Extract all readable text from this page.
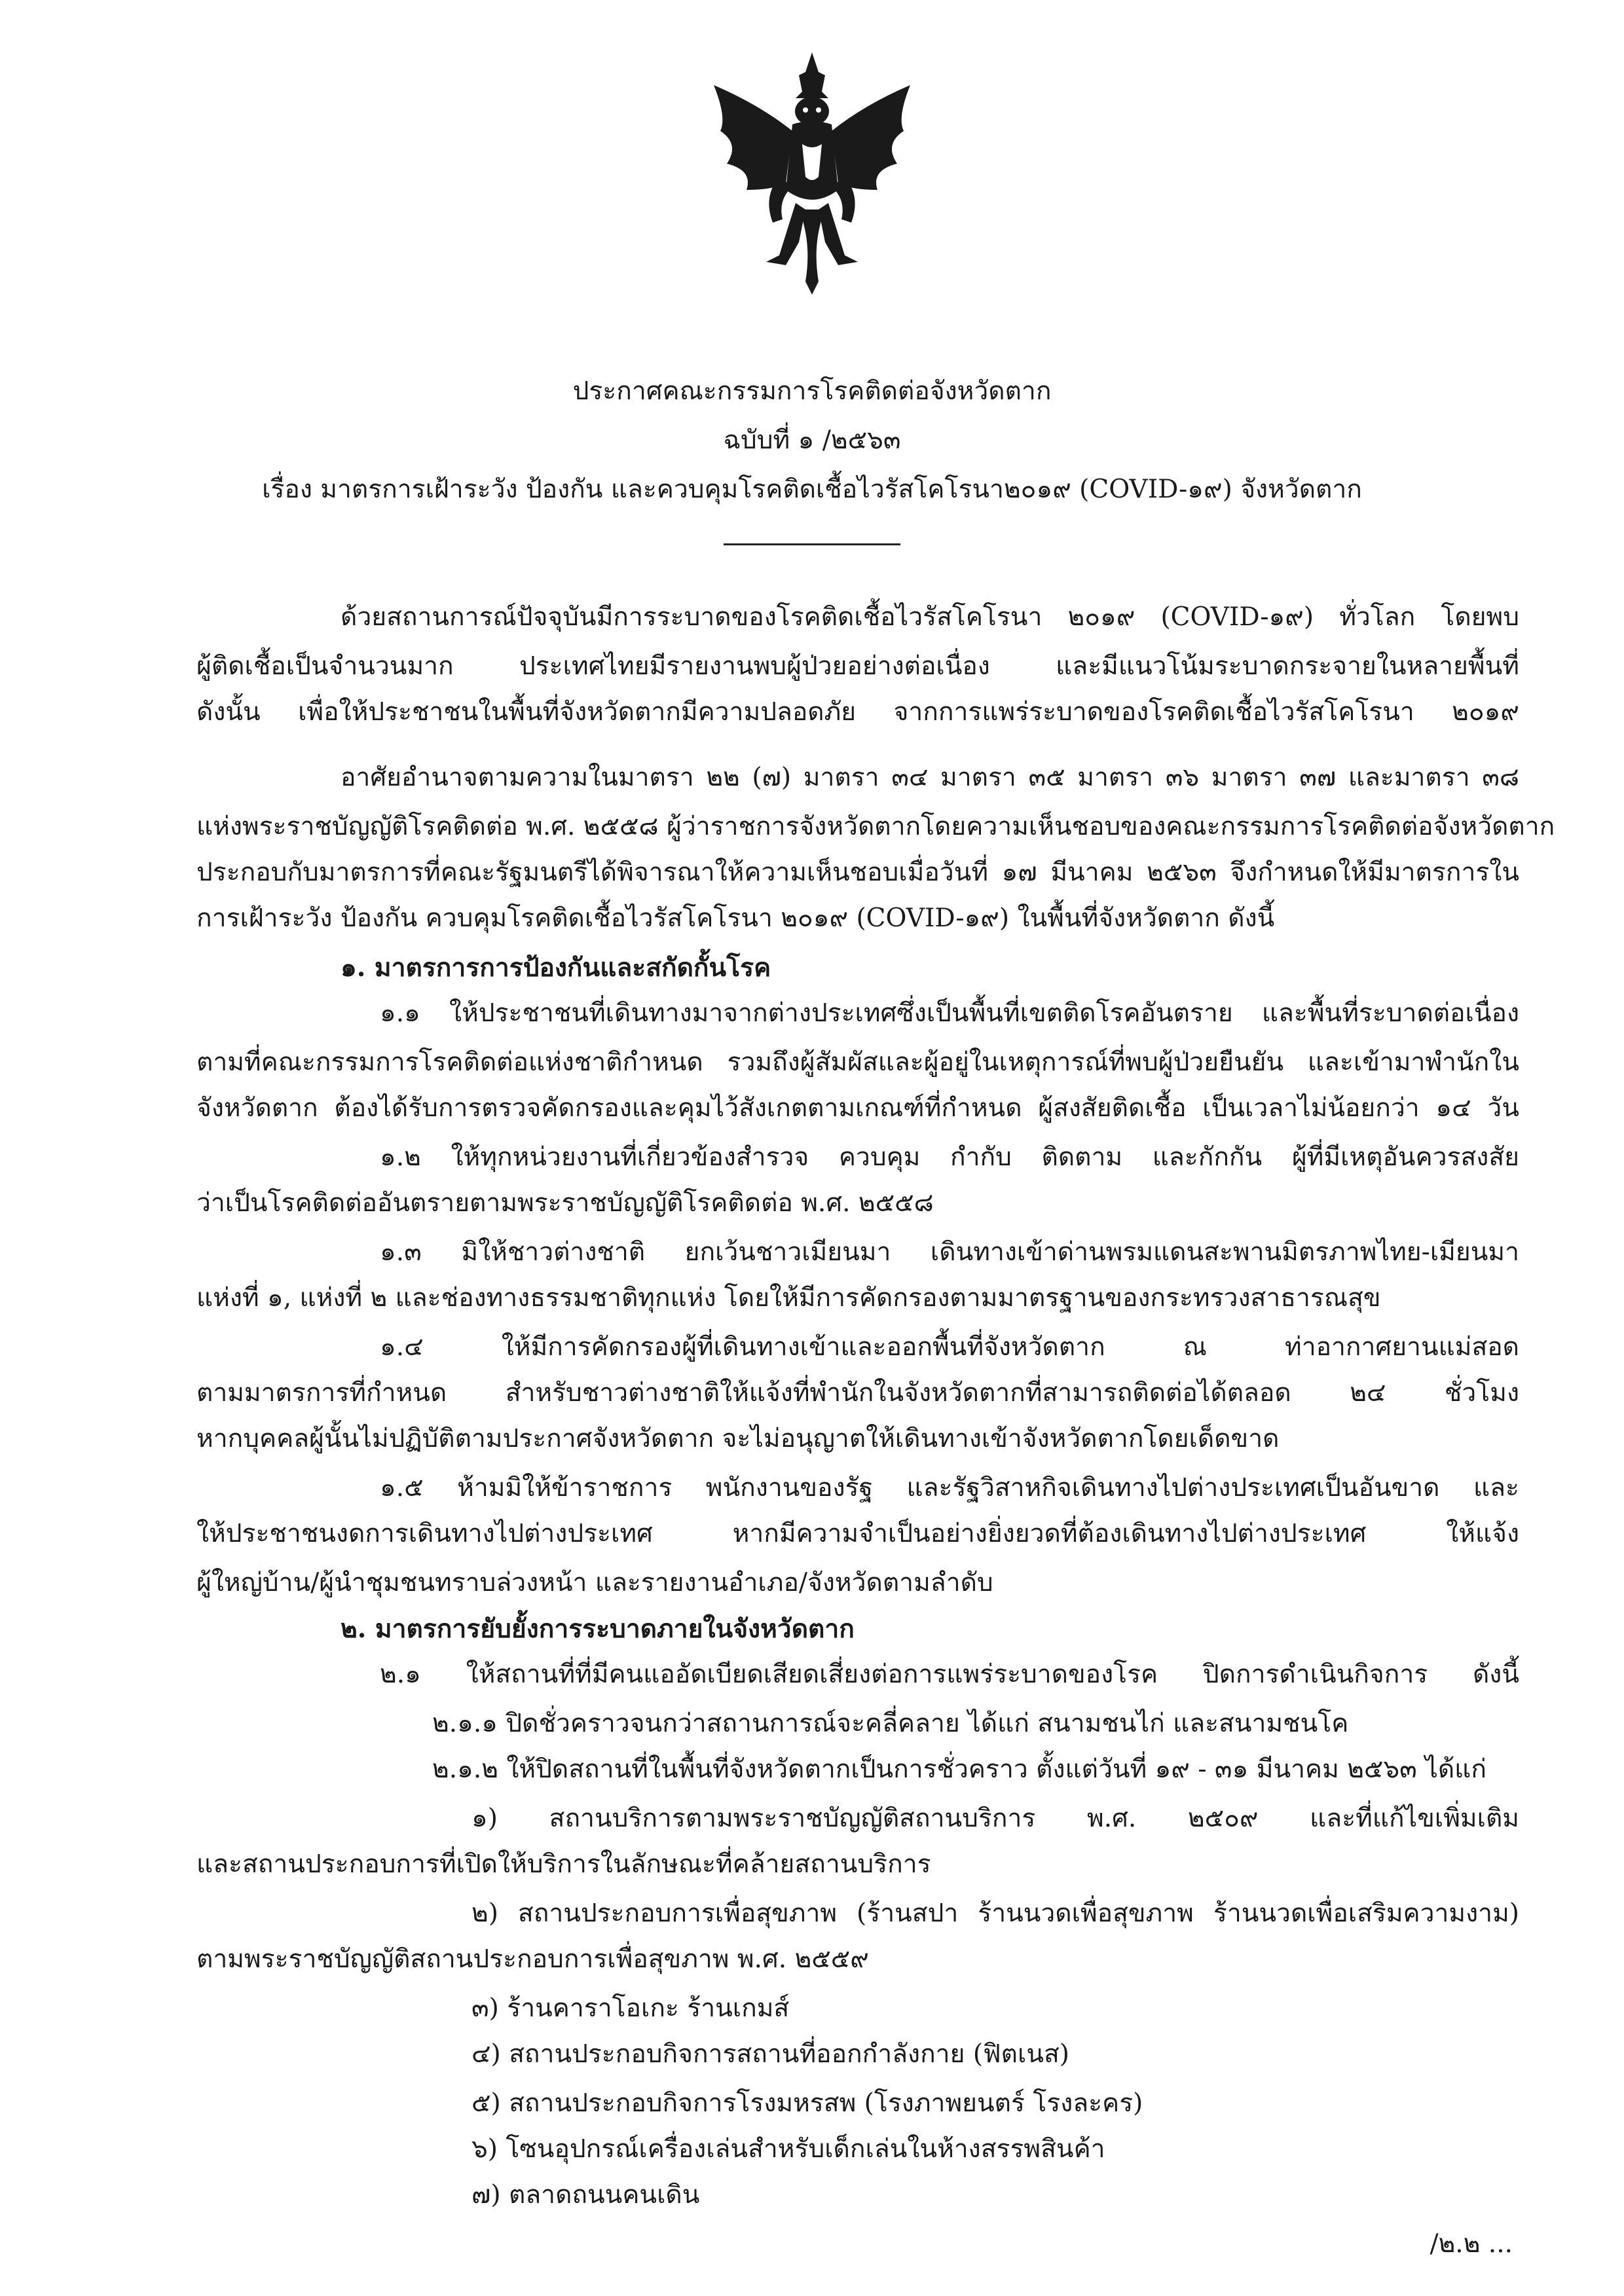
ประกาศคณะกรรมการโรคติดต่อจังหวัดตาก
ฉบับที่ ๑ /๒๕๖๓
เรื่อง มาตรการเฝ้าระวัง ป้องกัน และควบคุมโรคติดเชื้อไวรัสโคโรนา๒๐๑๙ (COVID-๑๙) จังหวัดตาก
ด้วยสถานการณ์ปัจจุบันมีการระบาดของโรคติดเชื้อไวรัสโคโรนา ๒๐๑๙ (COVID-๑๙) ทั่วโลก โดยพบ
ผู้ติดเชื้อเป็นจำนวนมาก ประเทศไทยมีรายงานพบผู้ป่วยอย่างต่อเนื่อง และมีแนวโน้มระบาดกระจายในหลายพื้นที่
ดังนั้น เพื่อให้ประชาชนในพื้นที่จังหวัดตากมีความปลอดภัย จากการแพร่ระบาดของโรคติดเชื้อไวรัสโคโรนา ๒๐๑๙
อาศัยอำนาจตามความในมาตรา ๒๒ (๗) มาตรา ๓๔ มาตรา ๓๕ มาตรา ๓๖ มาตรา ๓๗ และมาตรา ๓๘
แห่งพระราชบัญญัติโรคติดต่อ พ.ศ. ๒๕๕๘ ผู้ว่าราชการจังหวัดตากโดยความเห็นชอบของคณะกรรมการโรคติดต่อจังหวัดตาก
ประกอบกับมาตรการที่คณะรัฐมนตรีได้พิจารณาให้ความเห็นชอบเมื่อวันที่ ๑๗ มีนาคม ๒๕๖๓ จึงกำหนดให้มีมาตรการใน
การเฝ้าระวัง ป้องกัน ควบคุมโรคติดเชื้อไวรัสโคโรนา ๒๐๑๙ (COVID-๑๙) ในพื้นที่จังหวัดตาก ดังนี้
๑. มาตรการการป้องกันและสกัดกั้นโรค
๑.๑ ให้ประชาชนที่เดินทางมาจากต่างประเทศซึ่งเป็นพื้นที่เขตติดโรคอันตราย และพื้นที่ระบาดต่อเนื่อง
ตามที่คณะกรรมการโรคติดต่อแห่งชาติกำหนด รวมถึงผู้สัมผัสและผู้อยู่ในเหตุการณ์ที่พบผู้ป่วยยืนยัน และเข้ามาพำนักใน
จังหวัดตาก ต้องได้รับการตรวจคัดกรองและคุมไว้สังเกตตามเกณฑ์ที่กำหนด ผู้สงสัยติดเชื้อ เป็นเวลาไม่น้อยกว่า ๑๔ วัน
๑.๒ ให้ทุกหน่วยงานที่เกี่ยวข้องสำรวจ ควบคุม กำกับ ติดตาม และกักกัน ผู้ที่มีเหตุอันควรสงสัย
ว่าเป็นโรคติดต่ออันตรายตามพระราชบัญญัติโรคติดต่อ พ.ศ. ๒๕๕๘
๑.๓ มิให้ชาวต่างชาติ ยกเว้นชาวเมียนมา เดินทางเข้าด่านพรมแดนสะพานมิตรภาพไทย-เมียนมา
แห่งที่ ๑, แห่งที่ ๒ และช่องทางธรรมชาติทุกแห่ง โดยให้มีการคัดกรองตามมาตรฐานของกระทรวงสาธารณสุข
๑.๔ ให้มีการคัดกรองผู้ที่เดินทางเข้าและออกพื้นที่จังหวัดตาก ณ ท่าอากาศยานแม่สอด
ตามมาตรการที่กำหนด สำหรับชาวต่างชาติให้แจ้งที่พำนักในจังหวัดตากที่สามารถติดต่อได้ตลอด ๒๔ ชั่วโมง
หากบุคคลผู้นั้นไม่ปฏิบัติตามประกาศจังหวัดตาก จะไม่อนุญาตให้เดินทางเข้าจังหวัดตากโดยเด็ดขาด
๑.๕ ห้ามมิให้ข้าราชการ พนักงานของรัฐ และรัฐวิสาหกิจเดินทางไปต่างประเทศเป็นอันขาด และ
ให้ประชาชนงดการเดินทางไปต่างประเทศ หากมีความจำเป็นอย่างยิ่งยวดที่ต้องเดินทางไปต่างประเทศ ให้แจ้ง
ผู้ใหญ่บ้าน/ผู้นำชุมชนทราบล่วงหน้า และรายงานอำเภอ/จังหวัดตามลำดับ
๒. มาตรการยับยั้งการระบาดภายในจังหวัดตาก
๒.๑ ให้สถานที่ที่มีคนแออัดเบียดเสียดเสี่ยงต่อการแพร่ระบาดของโรค ปิดการดำเนินกิจการ ดังนี้
๒.๑.๑ ปิดชั่วคราวจนกว่าสถานการณ์จะคลี่คลาย ได้แก่ สนามชนไก่ และสนามชนโค
๒.๑.๒ ให้ปิดสถานที่ในพื้นที่จังหวัดตากเป็นการชั่วคราว ตั้งแต่วันที่ ๑๙ - ๓๑ มีนาคม ๒๕๖๓ ได้แก่
๑) สถานบริการตามพระราชบัญญัติสถานบริการ พ.ศ. ๒๕๐๙ และที่แก้ไขเพิ่มเติม
และสถานประกอบการที่เปิดให้บริการในลักษณะที่คล้ายสถานบริการ
๒) สถานประกอบการเพื่อสุขภาพ (ร้านสปา ร้านนวดเพื่อสุขภาพ ร้านนวดเพื่อเสริมความงาม)
ตามพระราชบัญญัติสถานประกอบการเพื่อสุขภาพ พ.ศ. ๒๕๕๙
๓) ร้านคาราโอเกะ ร้านเกมส์
๔) สถานประกอบกิจการสถานที่ออกกำลังกาย (ฟิตเนส)
๕) สถานประกอบกิจการโรงมหรสพ (โรงภาพยนตร์ โรงละคร)
๖) โซนอุปกรณ์เครื่องเล่นสำหรับเด็กเล่นในห้างสรรพสินค้า
๗) ตลาดถนนคนเดิน
/๒.๒ ...
